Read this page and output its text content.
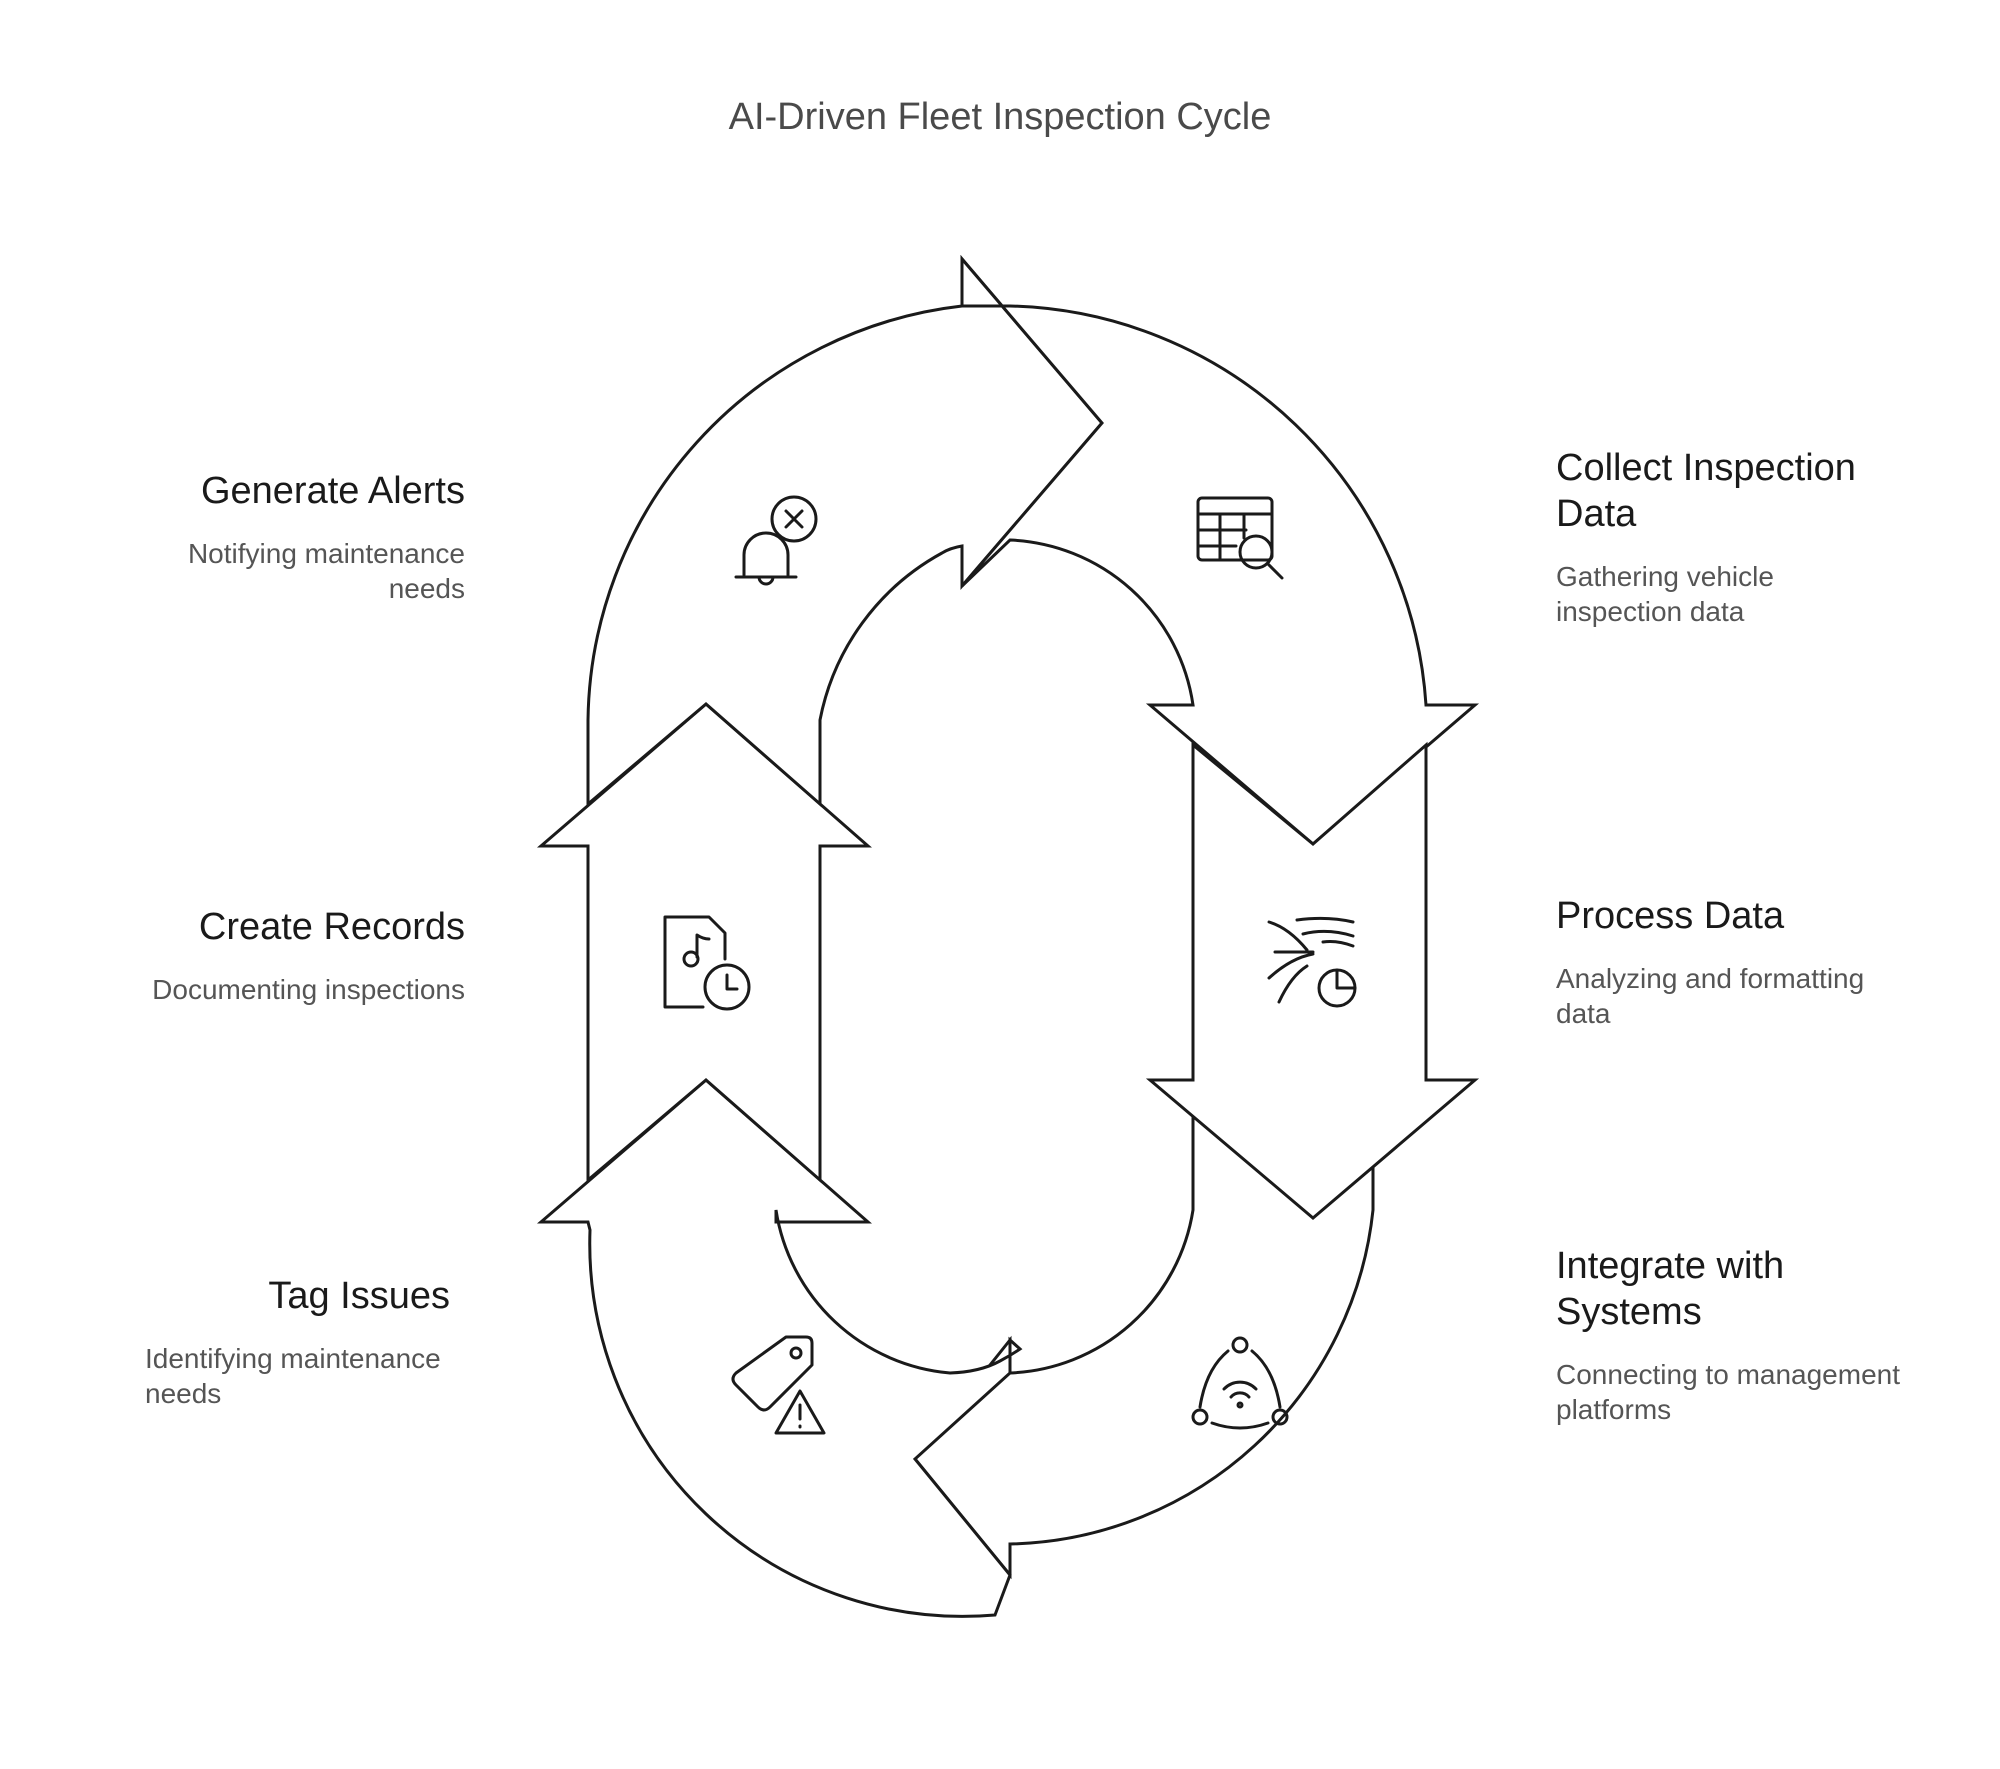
AI-Driven Fleet Inspection Cycle
Generate Alerts
Notifying maintenance needs
Create Records
Documenting inspections
Tag Issues
Identifying maintenance needs
Collect Inspection Data
Gathering vehicle inspection data
Process Data
Analyzing and formatting data
Integrate with Systems
Connecting to management platforms
